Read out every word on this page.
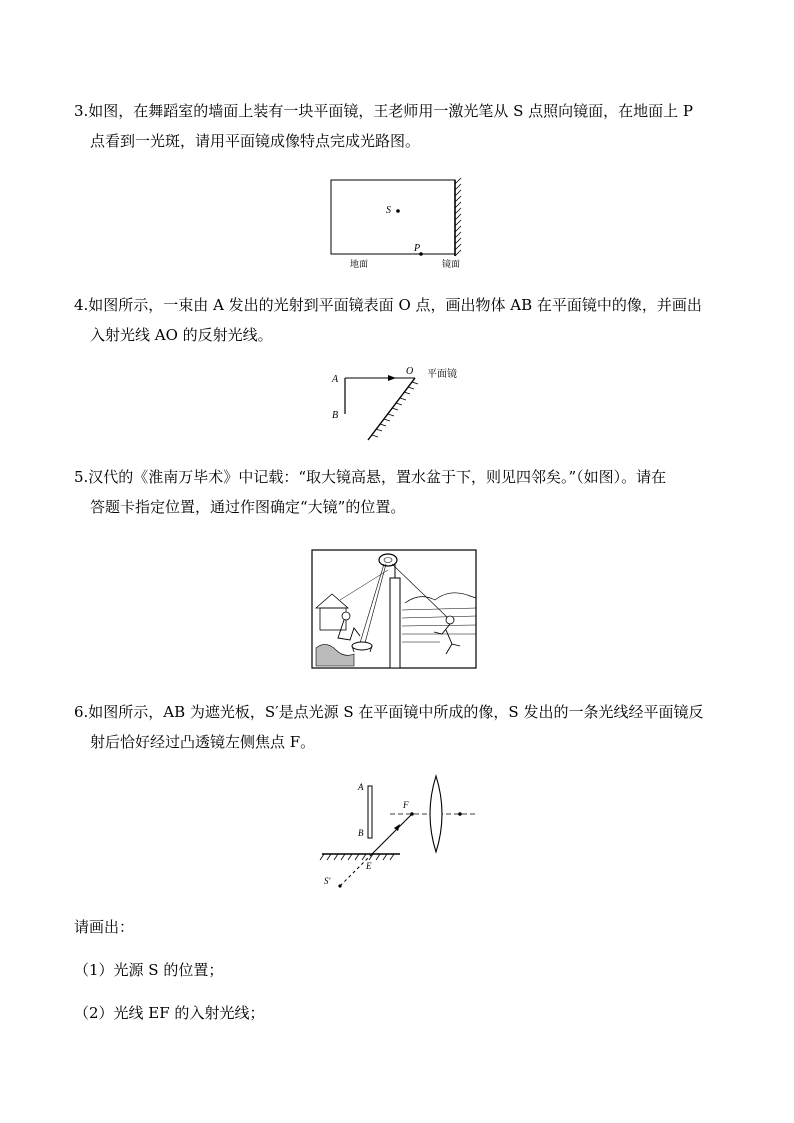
3.如图，在舞蹈室的墙面上装有一块平面镜，王老师用一激光笔从 S 点照向镜面，在地面上 P
点看到一光斑，请用平面镜成像特点完成光路图。
S
P
地面	镜面
4.如图所示，一束由 A 发出的光射到平面镜表面 O 点，画出物体 AB 在平面镜中的像，并画出
入射光线 AO 的反射光线。
A
B
O 平面镜
5.汉代的《淮南万毕术》中记载：“取大镜高悬，置水盆于下，则见四邻矣。”（如图）。请在
答题卡指定位置，通过作图确定“大镜”的位置。
6.如图所示，AB 为遮光板，S′是点光源 S 在平面镜中所成的像，S 发出的一条光线经平面镜反
射后恰好经过凸透镜左侧焦点 F。
A
B
S′
E
F
请画出：
（1）光源 S 的位置；
（2）光线 EF 的入射光线；
